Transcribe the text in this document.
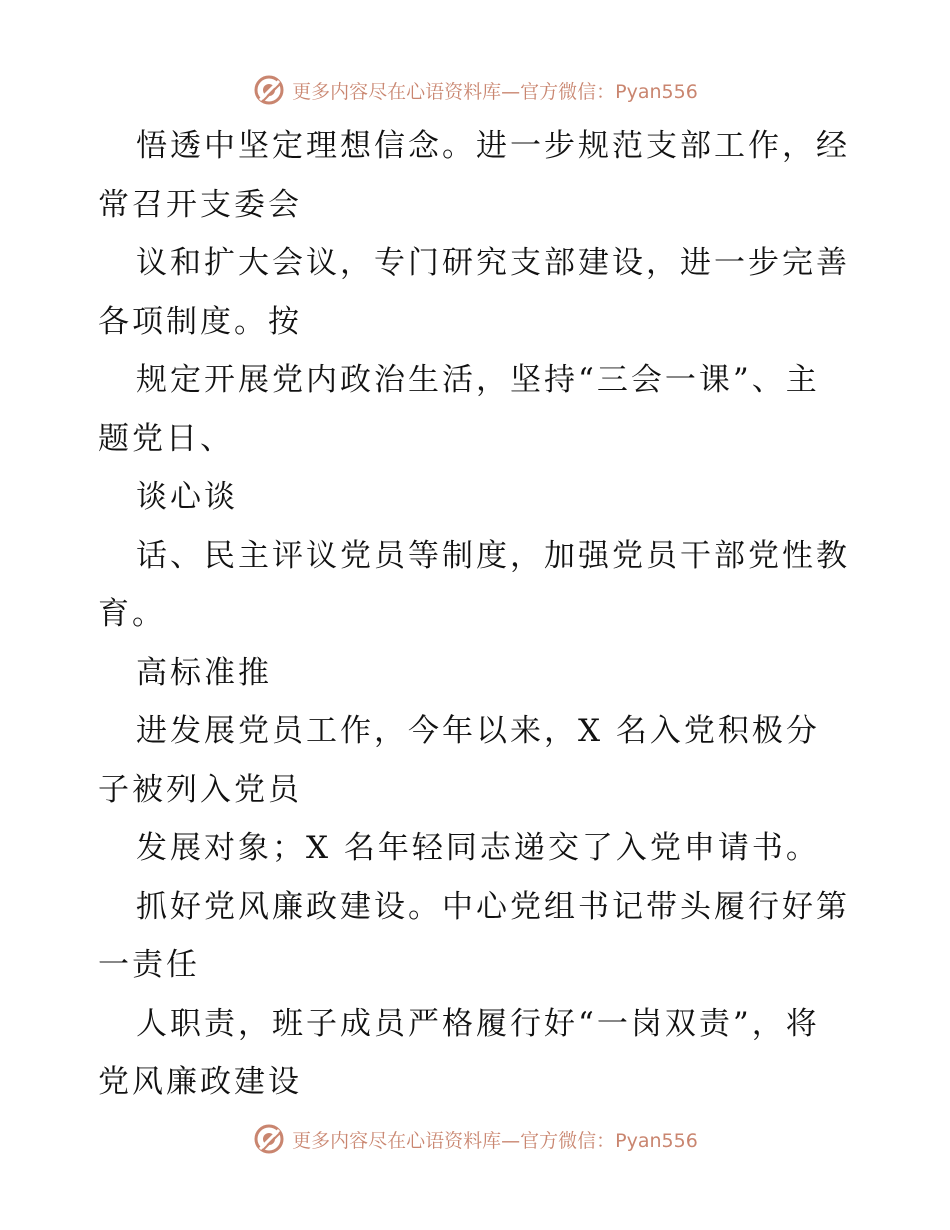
更多内容尽在心语资料库—官方微信：Pyan556
悟透中坚定理想信念。进一步规范支部工作，经
常召开支委会
议和扩大会议，专门研究支部建设，进一步完善
各项制度。按
规定开展党内政治生活，坚持“三会一课”、主
题党日、
谈心谈
话、民主评议党员等制度，加强党员干部党性教
育。
高标准推
进发展党员工作，今年以来，X 名入党积极分
子被列入党员
发展对象；X 名年轻同志递交了入党申请书。
抓好党风廉政建设。中心党组书记带头履行好第
一责任
人职责，班子成员严格履行好“一岗双责”，将
党风廉政建设
更多内容尽在心语资料库—官方微信：Pyan556
